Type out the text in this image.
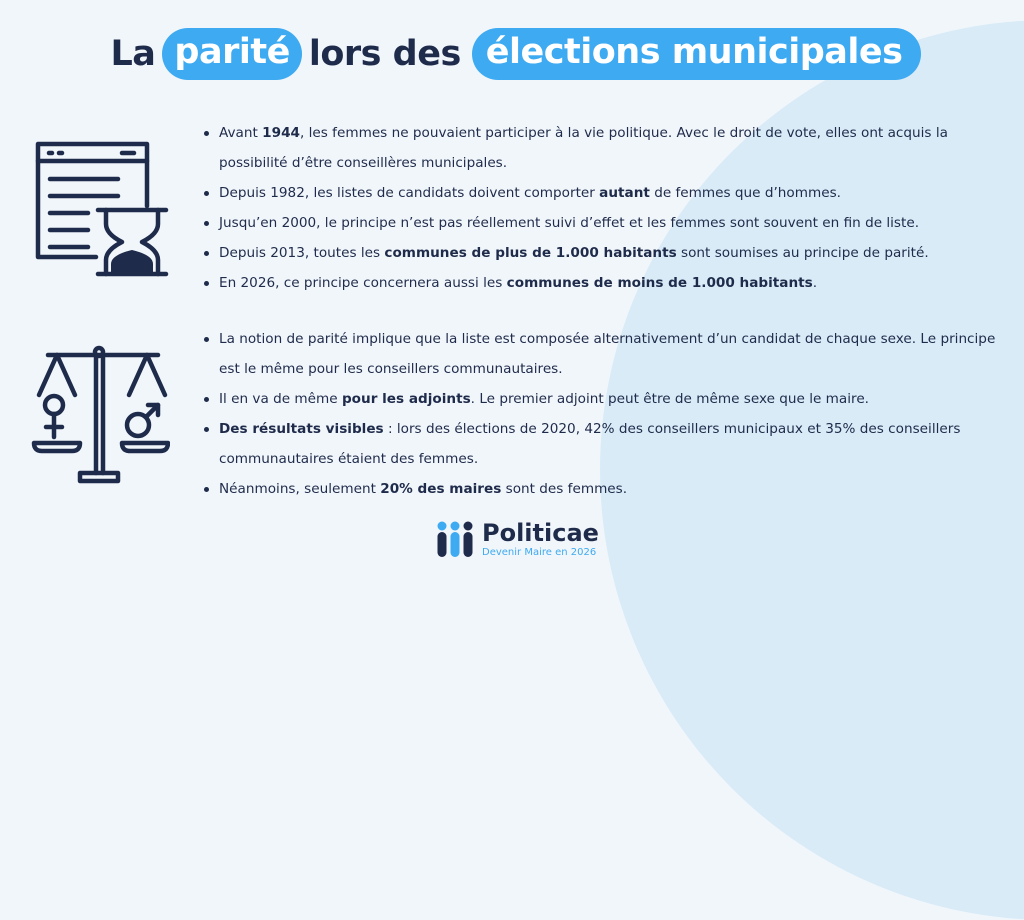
La parité lors des élections municipales
Avant 1944, les femmes ne pouvaient participer à la vie politique. Avec le droit de vote, elles ont acquis la possibilité d’être conseillères municipales.
Depuis 1982, les listes de candidats doivent comporter autant de femmes que d’hommes.
Jusqu’en 2000, le principe n’est pas réellement suivi d’effet et les femmes sont souvent en fin de liste.
Depuis 2013, toutes les communes de plus de 1.000 habitants sont soumises au principe de parité.
En 2026, ce principe concernera aussi les communes de moins de 1.000 habitants.
La notion de parité implique que la liste est composée alternativement d’un candidat de chaque sexe. Le principe est le même pour les conseillers communautaires.
Il en va de même pour les adjoints. Le premier adjoint peut être de même sexe que le maire.
Des résultats visibles : lors des élections de 2020, 42% des conseillers municipaux et 35% des conseillers communautaires étaient des femmes.
Néanmoins, seulement 20% des maires sont des femmes.
Politicae
Devenir Maire en 2026
